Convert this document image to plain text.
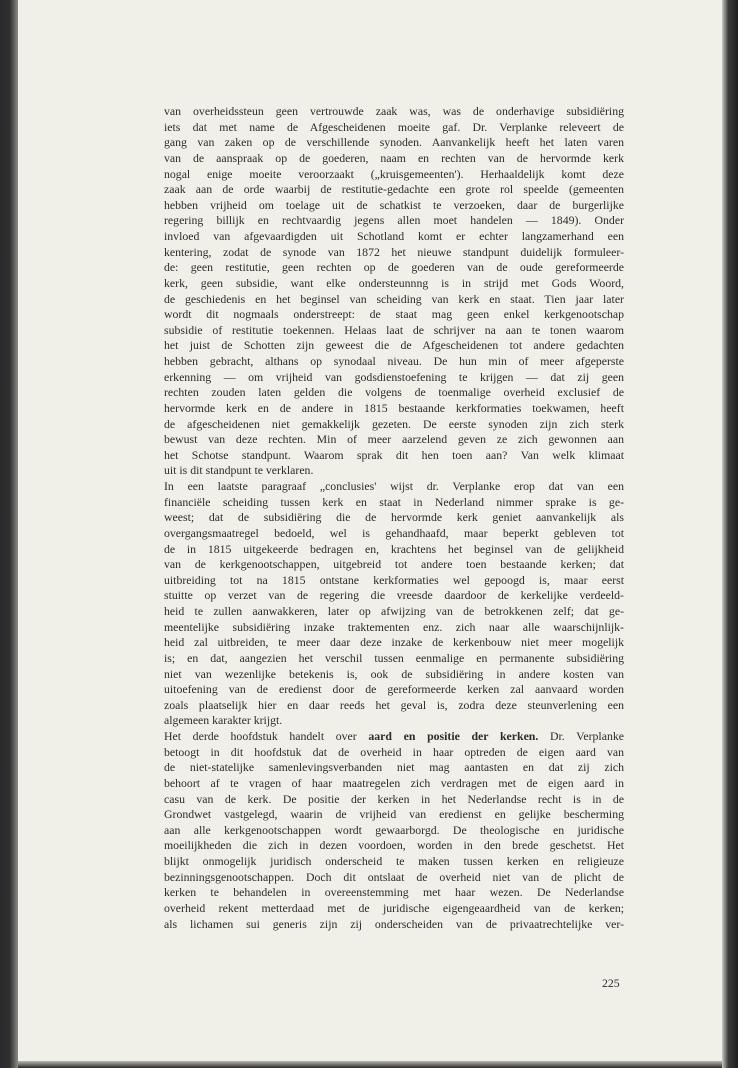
van overheidssteun geen vertrouwde zaak was, was de onderhavige subsidiëring
iets dat met name de Afgescheidenen moeite gaf. Dr. Verplanke releveert de
gang van zaken op de verschillende synoden. Aanvankelijk heeft het laten varen
van de aanspraak op de goederen, naam en rechten van de hervormde kerk
nogal enige moeite veroorzaakt („kruisgemeenten'). Herhaaldelijk komt deze
zaak aan de orde waarbij de restitutie-gedachte een grote rol speelde (gemeenten
hebben vrijheid om toelage uit de schatkist te verzoeken, daar de burgerlijke
regering billijk en rechtvaardig jegens allen moet handelen — 1849). Onder
invloed van afgevaardigden uit Schotland komt er echter langzamerhand een
kentering, zodat de synode van 1872 het nieuwe standpunt duidelijk formuleer-
de: geen restitutie, geen rechten op de goederen van de oude gereformeerde
kerk, geen subsidie, want elke ondersteunnng is in strijd met Gods Woord,
de geschiedenis en het beginsel van scheiding van kerk en staat. Tien jaar later
wordt dit nogmaals onderstreept: de staat mag geen enkel kerkgenootschap
subsidie of restitutie toekennen. Helaas laat de schrijver na aan te tonen waarom
het juist de Schotten zijn geweest die de Afgescheidenen tot andere gedachten
hebben gebracht, althans op synodaal niveau. De hun min of meer afgeperste
erkenning — om vrijheid van godsdienstoefening te krijgen — dat zij geen
rechten zouden laten gelden die volgens de toenmalige overheid exclusief de
hervormde kerk en de andere in 1815 bestaande kerkformaties toekwamen, heeft
de afgescheidenen niet gemakkelijk gezeten. De eerste synoden zijn zich sterk
bewust van deze rechten. Min of meer aarzelend geven ze zich gewonnen aan
het Schotse standpunt. Waarom sprak dit hen toen aan? Van welk klimaat
uit is dit standpunt te verklaren.
In een laatste paragraaf „conclusies' wijst dr. Verplanke erop dat van een
financiële scheiding tussen kerk en staat in Nederland nimmer sprake is ge-
weest; dat de subsidiëring die de hervormde kerk geniet aanvankelijk als
overgangsmaatregel bedoeld, wel is gehandhaafd, maar beperkt gebleven tot
de in 1815 uitgekeerde bedragen en, krachtens het beginsel van de gelijkheid
van de kerkgenootschappen, uitgebreid tot andere toen bestaande kerken; dat
uitbreiding tot na 1815 ontstane kerkformaties wel gepoogd is, maar eerst
stuitte op verzet van de regering die vreesde daardoor de kerkelijke verdeeld-
heid te zullen aanwakkeren, later op afwijzing van de betrokkenen zelf; dat ge-
meentelijke subsidiëring inzake traktementen enz. zich naar alle waarschijnlijk-
heid zal uitbreiden, te meer daar deze inzake de kerkenbouw niet meer mogelijk
is; en dat, aangezien het verschil tussen eenmalige en permanente subsidiëring
niet van wezenlijke betekenis is, ook de subsidiëring in andere kosten van
uitoefening van de eredienst door de gereformeerde kerken zal aanvaard worden
zoals plaatselijk hier en daar reeds het geval is, zodra deze steunverlening een
algemeen karakter krijgt.
Het derde hoofdstuk handelt over aard en positie der kerken. Dr. Verplanke
betoogt in dit hoofdstuk dat de overheid in haar optreden de eigen aard van
de niet-statelijke samenlevingsverbanden niet mag aantasten en dat zij zich
behoort af te vragen of haar maatregelen zich verdragen met de eigen aard in
casu van de kerk. De positie der kerken in het Nederlandse recht is in de
Grondwet vastgelegd, waarin de vrijheid van eredienst en gelijke bescherming
aan alle kerkgenootschappen wordt gewaarborgd. De theologische en juridische
moeilijkheden die zich in dezen voordoen, worden in den brede geschetst. Het
blijkt onmogelijk juridisch onderscheid te maken tussen kerken en religieuze
bezinningsgenootschappen. Doch dit ontslaat de overheid niet van de plicht de
kerken te behandelen in overeenstemming met haar wezen. De Nederlandse
overheid rekent metterdaad met de juridische eigengeaardheid van de kerken;
als lichamen sui generis zijn zij onderscheiden van de privaatrechtelijke ver-
225
